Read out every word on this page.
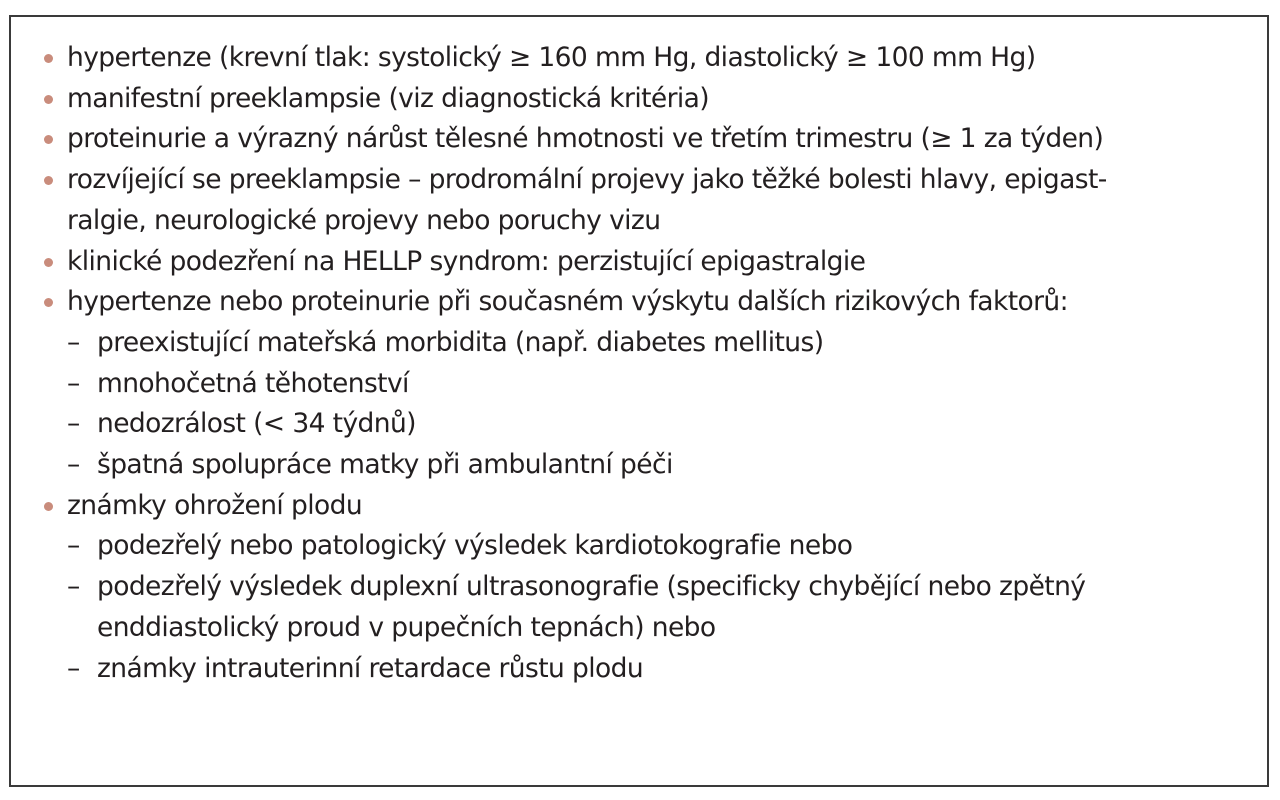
hypertenze (krevní tlak: systolický ≥ 160 mm Hg, diastolický ≥ 100 mm Hg)
manifestní preeklampsie (viz diagnostická kritéria)
proteinurie a výrazný nárůst tělesné hmotnosti ve třetím trimestru (≥ 1 za týden)
rozvíjející se preeklampsie – prodromální projevy jako těžké bolesti hlavy, epigast-
ralgie, neurologické projevy nebo poruchy vizu
klinické podezření na HELLP syndrom: perzistující epigastralgie
hypertenze nebo proteinurie při současném výskytu dalších rizikových faktorů:
– preexistující mateřská morbidita (např. diabetes mellitus)
– mnohočetná těhotenství
– nedozrálost (< 34 týdnů)
– špatná spolupráce matky při ambulantní péči
známky ohrožení plodu
– podezřelý nebo patologický výsledek kardiotokografie nebo
– podezřelý výsledek duplexní ultrasonografie (specificky chybějící nebo zpětný
enddiastolický proud v pupečních tepnách) nebo
– známky intrauterinní retardace růstu plodu
